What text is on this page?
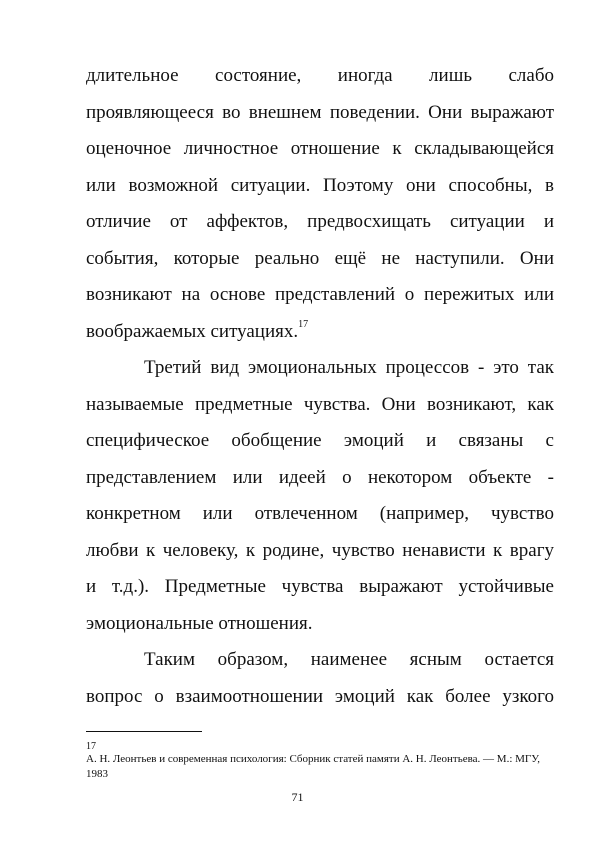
длительное состояние, иногда лишь слабо
проявляющееся во внешнем поведении. Они выражают
оценочное личностное отношение к складывающейся
или возможной ситуации. Поэтому они способны, в
отличие от аффектов, предвосхищать ситуации и
события, которые реально ещё не наступили. Они
возникают на основе представлений о пережитых или
воображаемых ситуациях.$^{17}$
Третий вид эмоциональных процессов - это так
называемые предметные чувства. Они возникают, как
специфическое обобщение эмоций и связаны с
представлением или идеей о некотором объекте -
конкретном или отвлеченном (например, чувство
любви к человеку, к родине, чувство ненависти к врагу
и т.д.). Предметные чувства выражают устойчивые
эмоциональные отношения.
Таким образом, наименее ясным остается
вопрос о взаимоотношении эмоций как более узкого
17
А. Н. Леонтьев и современная психология: Сборник статей памяти А. Н. Леонтьева. — М.: МГУ, 1983
71
